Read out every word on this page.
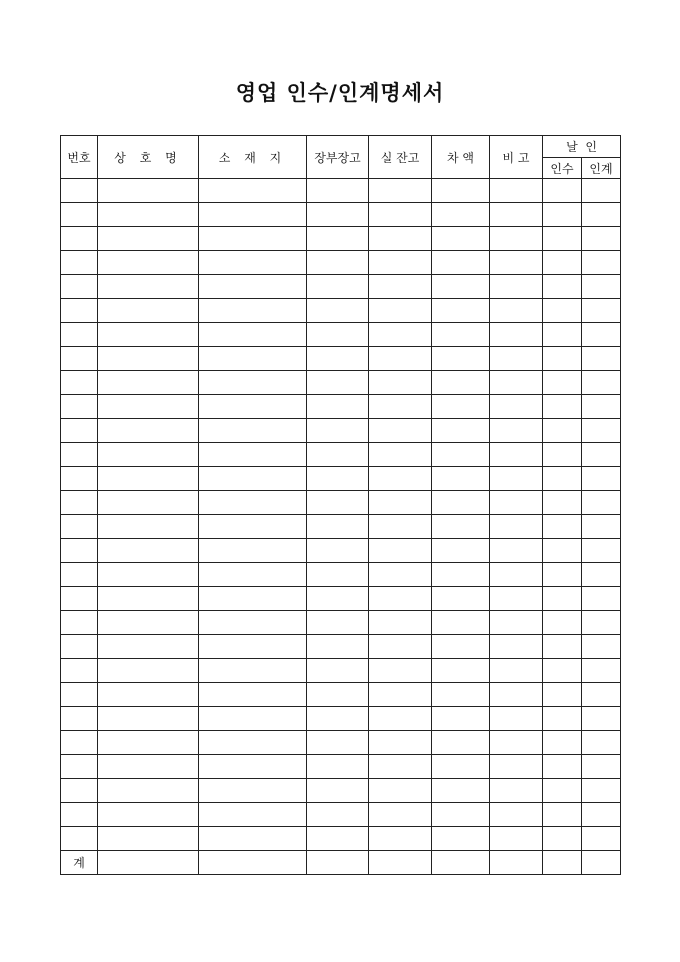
영업 인수/인계명세서
번호	상 호 명	소 재 지	장부장고	실 잔고	차 액	비 고	날  인	
							인수	인계

계								
